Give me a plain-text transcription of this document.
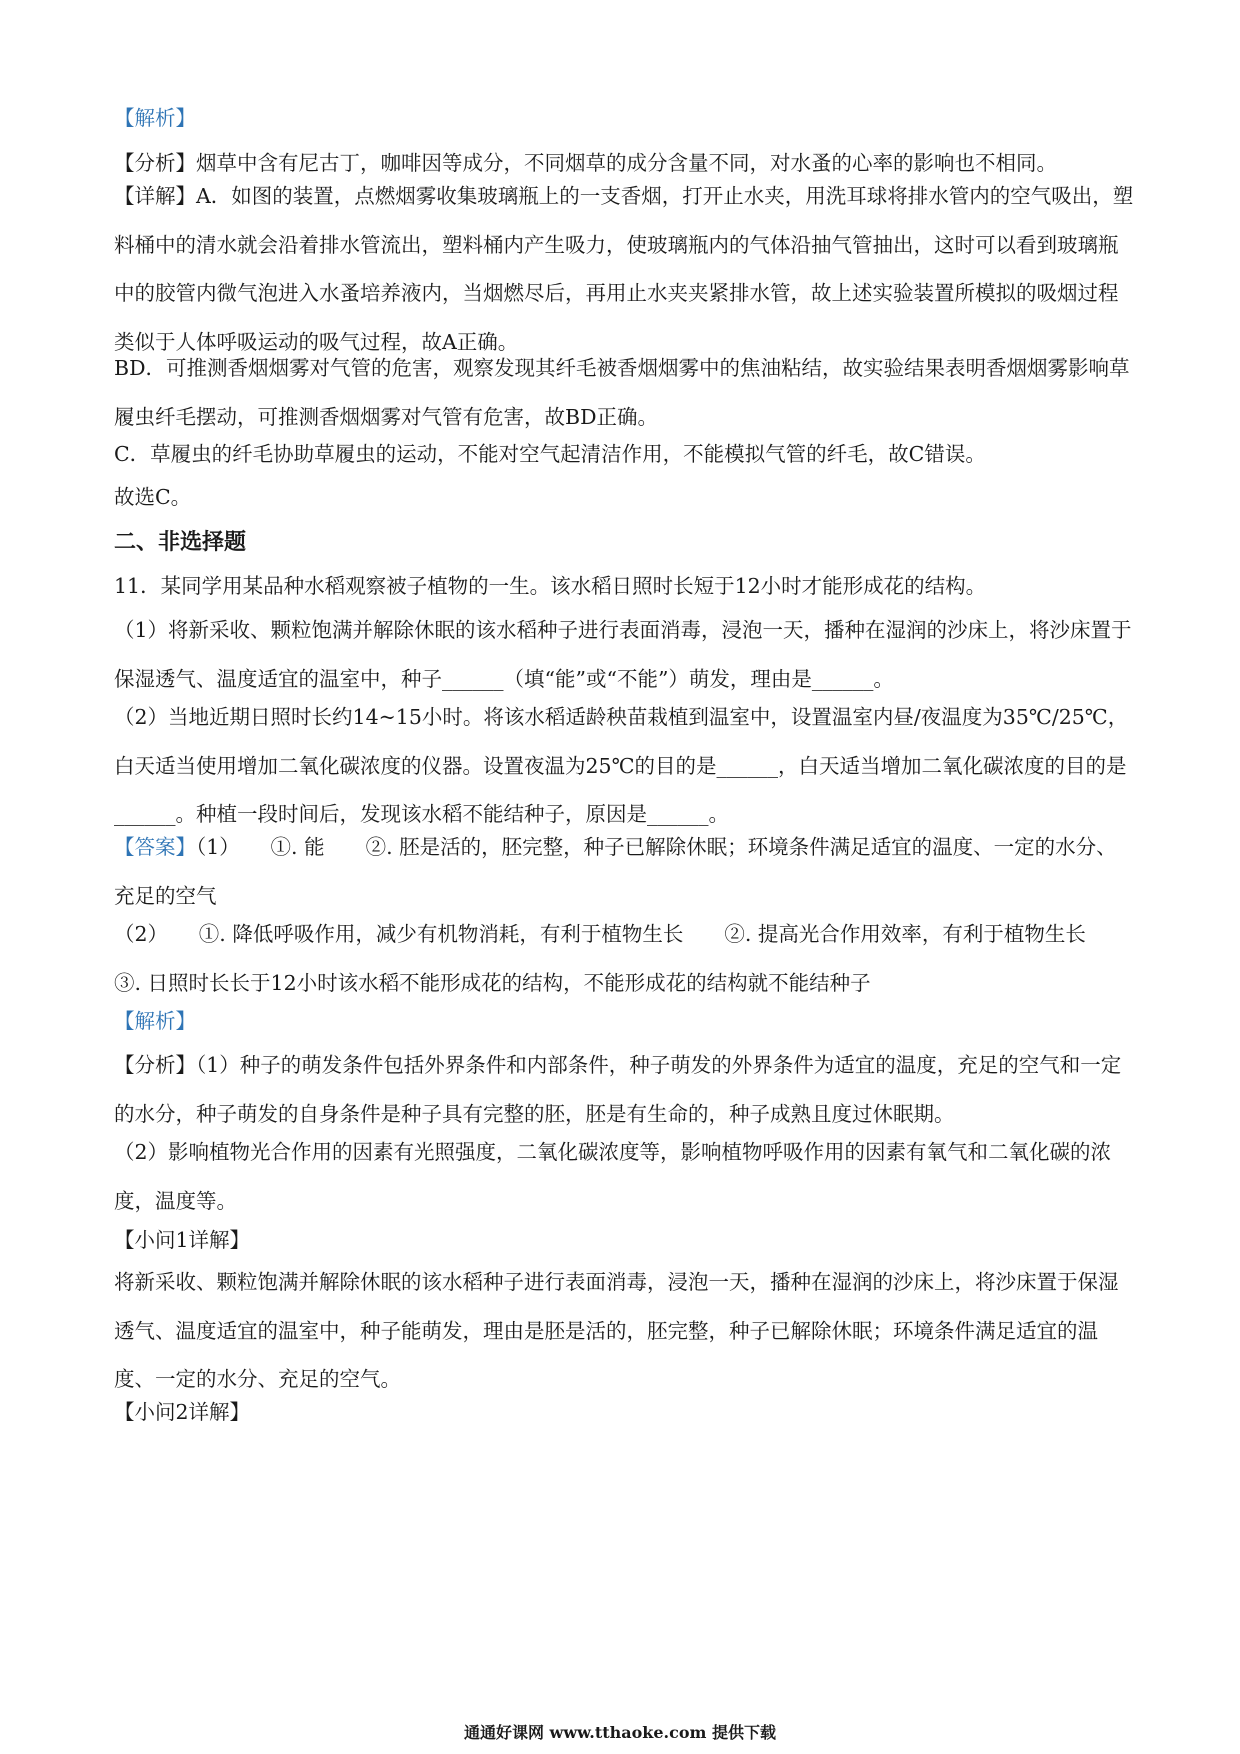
【解析】
【分析】烟草中含有尼古丁，咖啡因等成分，不同烟草的成分含量不同，对水蚤的心率的影响也不相同。
【详解】A．如图的装置，点燃烟雾收集玻璃瓶上的一支香烟，打开止水夹，用洗耳球将排水管内的空气吸出，塑料桶中的清水就会沿着排水管流出，塑料桶内产生吸力，使玻璃瓶内的气体沿抽气管抽出，这时可以看到玻璃瓶中的胶管内微气泡进入水蚤培养液内，当烟燃尽后，再用止水夹夹紧排水管，故上述实验装置所模拟的吸烟过程类似于人体呼吸运动的吸气过程，故A正确。
BD．可推测香烟烟雾对气管的危害，观察发现其纤毛被香烟烟雾中的焦油粘结，故实验结果表明香烟烟雾影响草履虫纤毛摆动，可推测香烟烟雾对气管有危害，故BD正确。
C．草履虫的纤毛协助草履虫的运动，不能对空气起清洁作用，不能模拟气管的纤毛，故C错误。
故选C。
二、非选择题
11．某同学用某品种水稻观察被子植物的一生。该水稻日照时长短于12小时才能形成花的结构。
（1）将新采收、颗粒饱满并解除休眠的该水稻种子进行表面消毒，浸泡一天，播种在湿润的沙床上，将沙床置于保湿透气、温度适宜的温室中，种子______（填“能”或“不能”）萌发，理由是______。
（2）当地近期日照时长约14~15小时。将该水稻适龄秧苗栽植到温室中，设置温室内昼/夜温度为35℃/25℃，白天适当使用增加二氧化碳浓度的仪器。设置夜温为25℃的目的是______，白天适当增加二氧化碳浓度的目的是______。种植一段时间后，发现该水稻不能结种子，原因是______。
【答案】（1）　　①. 能　　②. 胚是活的，胚完整，种子已解除休眠；环境条件满足适宜的温度、一定的水分、充足的空气
（2）　　①. 降低呼吸作用，减少有机物消耗，有利于植物生长　　②. 提高光合作用效率，有利于植物生长　　③. 日照时长长于12小时该水稻不能形成花的结构，不能形成花的结构就不能结种子
【解析】
【分析】（1）种子的萌发条件包括外界条件和内部条件，种子萌发的外界条件为适宜的温度，充足的空气和一定的水分，种子萌发的自身条件是种子具有完整的胚，胚是有生命的，种子成熟且度过休眠期。
（2）影响植物光合作用的因素有光照强度，二氧化碳浓度等，影响植物呼吸作用的因素有氧气和二氧化碳的浓度，温度等。
【小问1详解】
将新采收、颗粒饱满并解除休眠的该水稻种子进行表面消毒，浸泡一天，播种在湿润的沙床上，将沙床置于保湿透气、温度适宜的温室中，种子能萌发，理由是胚是活的，胚完整，种子已解除休眠；环境条件满足适宜的温度、一定的水分、充足的空气。
【小问2详解】
通通好课网 www.tthaoke.com 提供下载
